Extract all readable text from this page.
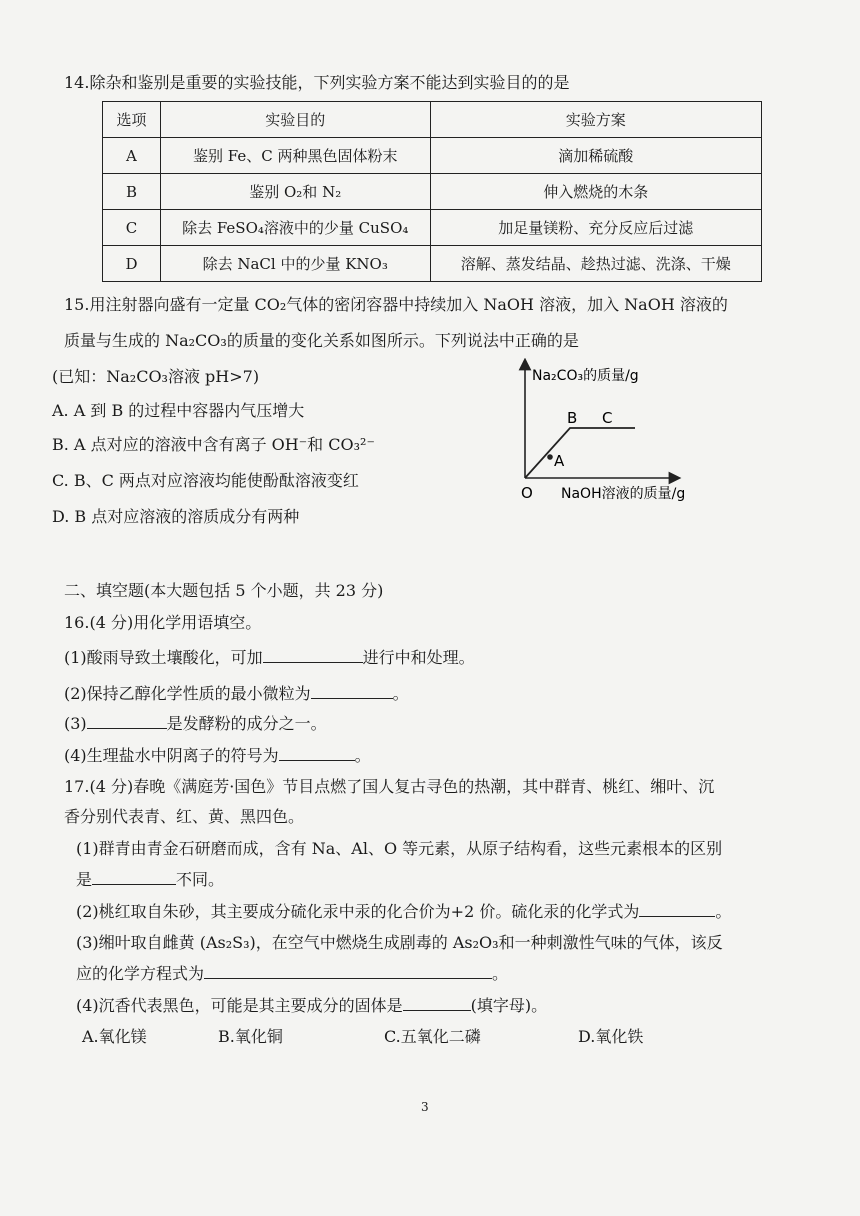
14.除杂和鉴别是重要的实验技能，下列实验方案不能达到实验目的的是
选项	实验目的	实验方案
A	鉴别 Fe、C 两种黑色固体粉末	滴加稀硫酸
B	鉴别 O₂和 N₂	伸入燃烧的木条
C	除去 FeSO₄溶液中的少量 CuSO₄	加足量镁粉、充分反应后过滤
D	除去 NaCl 中的少量 KNO₃	溶解、蒸发结晶、趁热过滤、洗涤、干燥
15.用注射器向盛有一定量 CO₂气体的密闭容器中持续加入 NaOH 溶液，加入 NaOH 溶液的
质量与生成的 Na₂CO₃的质量的变化关系如图所示。下列说法中正确的是
(已知：Na₂CO₃溶液 pH>7)
A. A 到 B 的过程中容器内气压增大
B. A 点对应的溶液中含有离子 OH⁻和 CO₃²⁻
C. B、C 两点对应溶液均能使酚酞溶液变红
D. B 点对应溶液的溶质成分有两种
Na₂CO₃的质量/g
B C
A
O NaOH溶液的质量/g
二、填空题(本大题包括 5 个小题，共 23 分)
16.(4 分)用化学用语填空。
(1)酸雨导致土壤酸化，可加	进行中和处理。
(2)保持乙醇化学性质的最小微粒为	。
(3)	是发酵粉的成分之一。
(4)生理盐水中阴离子的符号为	。
17.(4 分)春晚《满庭芳·国色》节目点燃了国人复古寻色的热潮，其中群青、桃红、缃叶、沉
香分别代表青、红、黄、黑四色。
(1)群青由青金石研磨而成，含有 Na、Al、O 等元素，从原子结构看，这些元素根本的区别
是	不同。
(2)桃红取自朱砂，其主要成分硫化汞中汞的化合价为+2 价。硫化汞的化学式为	。
(3)缃叶取自雌黄 (As₂S₃)，在空气中燃烧生成剧毒的 As₂O₃和一种刺激性气味的气体，该反
应的化学方程式为	。
(4)沉香代表黑色，可能是其主要成分的固体是	(填字母)。
A.氧化镁	B.氧化铜	C.五氧化二磷	D.氧化铁
3
